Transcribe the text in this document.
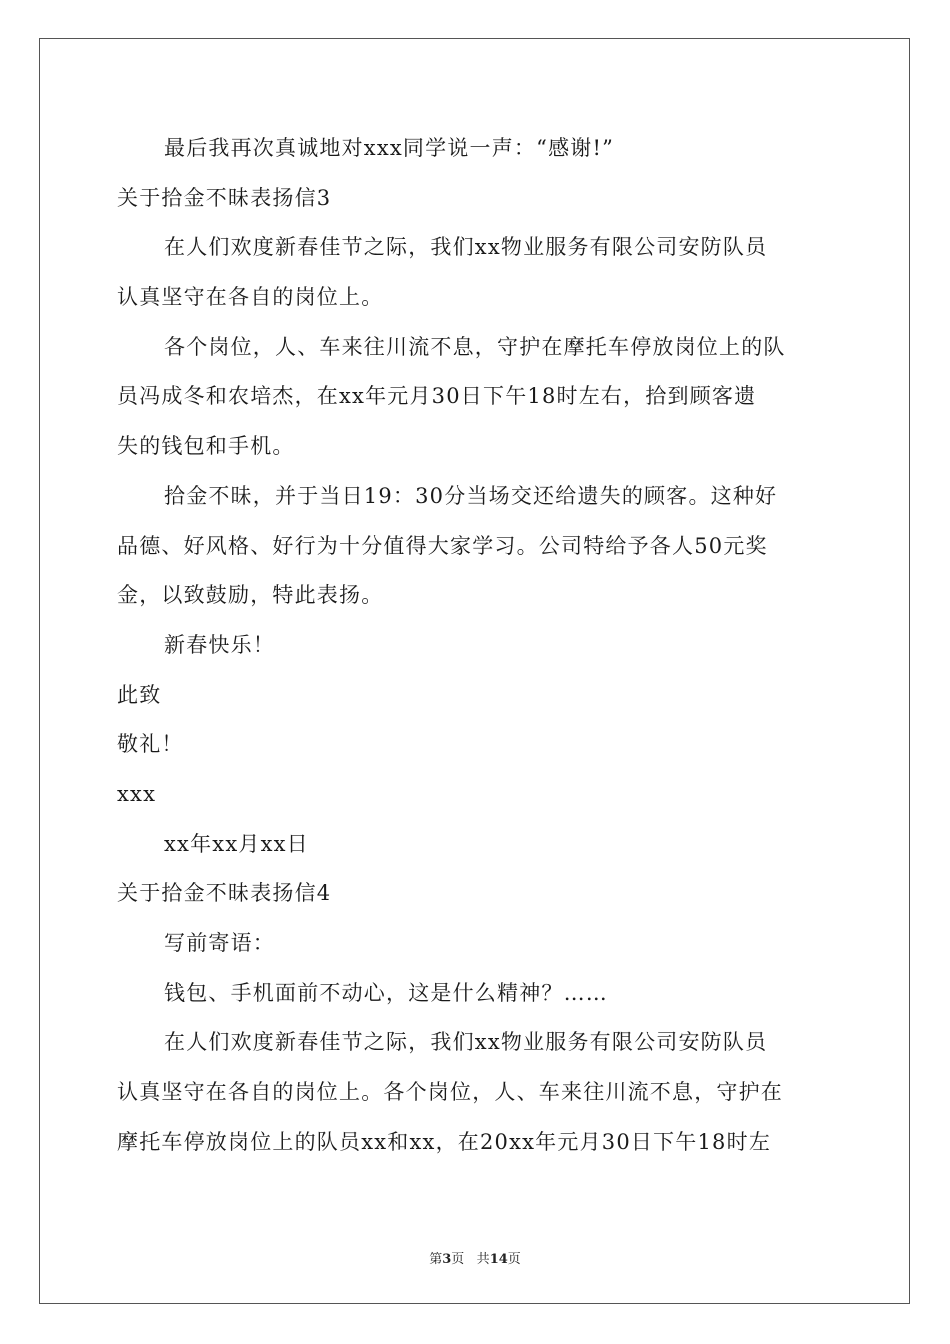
最后我再次真诚地对xxx同学说一声：“感谢!”
关于拾金不昧表扬信3
在人们欢度新春佳节之际，我们xx物业服务有限公司安防队员
认真坚守在各自的岗位上。
各个岗位，人、车来往川流不息，守护在摩托车停放岗位上的队
员冯成冬和农培杰，在xx年元月30日下午18时左右，拾到顾客遗
失的钱包和手机。
拾金不昧，并于当日19：30分当场交还给遗失的顾客。这种好
品德、好风格、好行为十分值得大家学习。公司特给予各人50元奖
金，以致鼓励，特此表扬。
新春快乐！
此致
敬礼！
xxx
xx年xx月xx日
关于拾金不昧表扬信4
写前寄语：
钱包、手机面前不动心，这是什么精神？……
在人们欢度新春佳节之际，我们xx物业服务有限公司安防队员
认真坚守在各自的岗位上。各个岗位，人、车来往川流不息，守护在
摩托车停放岗位上的队员xx和xx，在20xx年元月30日下午18时左
第3页 共14页
